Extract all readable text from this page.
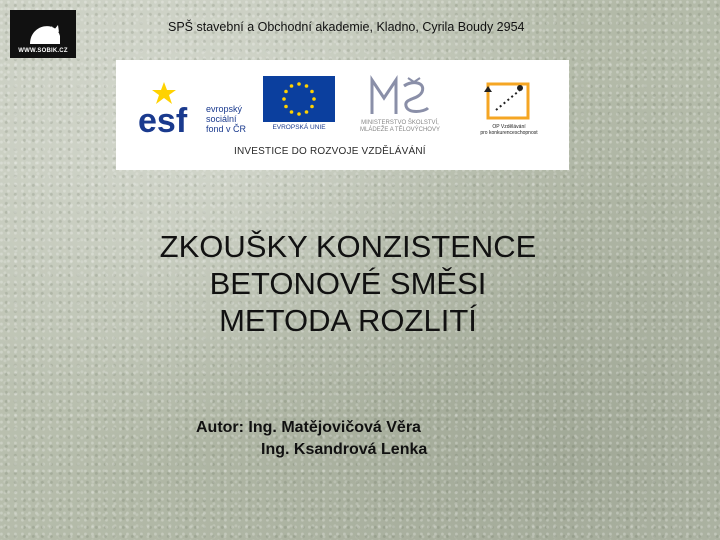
WWW.SOBIK.CZ
SPŠ stavební a Obchodní akademie, Kladno, Cyrila Boudy 2954
esf evropský
sociální
fond v ČR	EVROPSKÁ UNIE
MINISTERSTVO ŠKOLSTVÍ,
MLÁDEŽE A TĚLOVÝCHOVY	OP Vzdělávání
pro konkurenceschopnost
INVESTICE DO ROZVOJE VZDĚLÁVÁNÍ
ZKOUŠKY KONZISTENCE
BETONOVÉ SMĚSI
METODA ROZLITÍ
Autor: Ing. Matějovičová Věra
Ing. Ksandrová Lenka
